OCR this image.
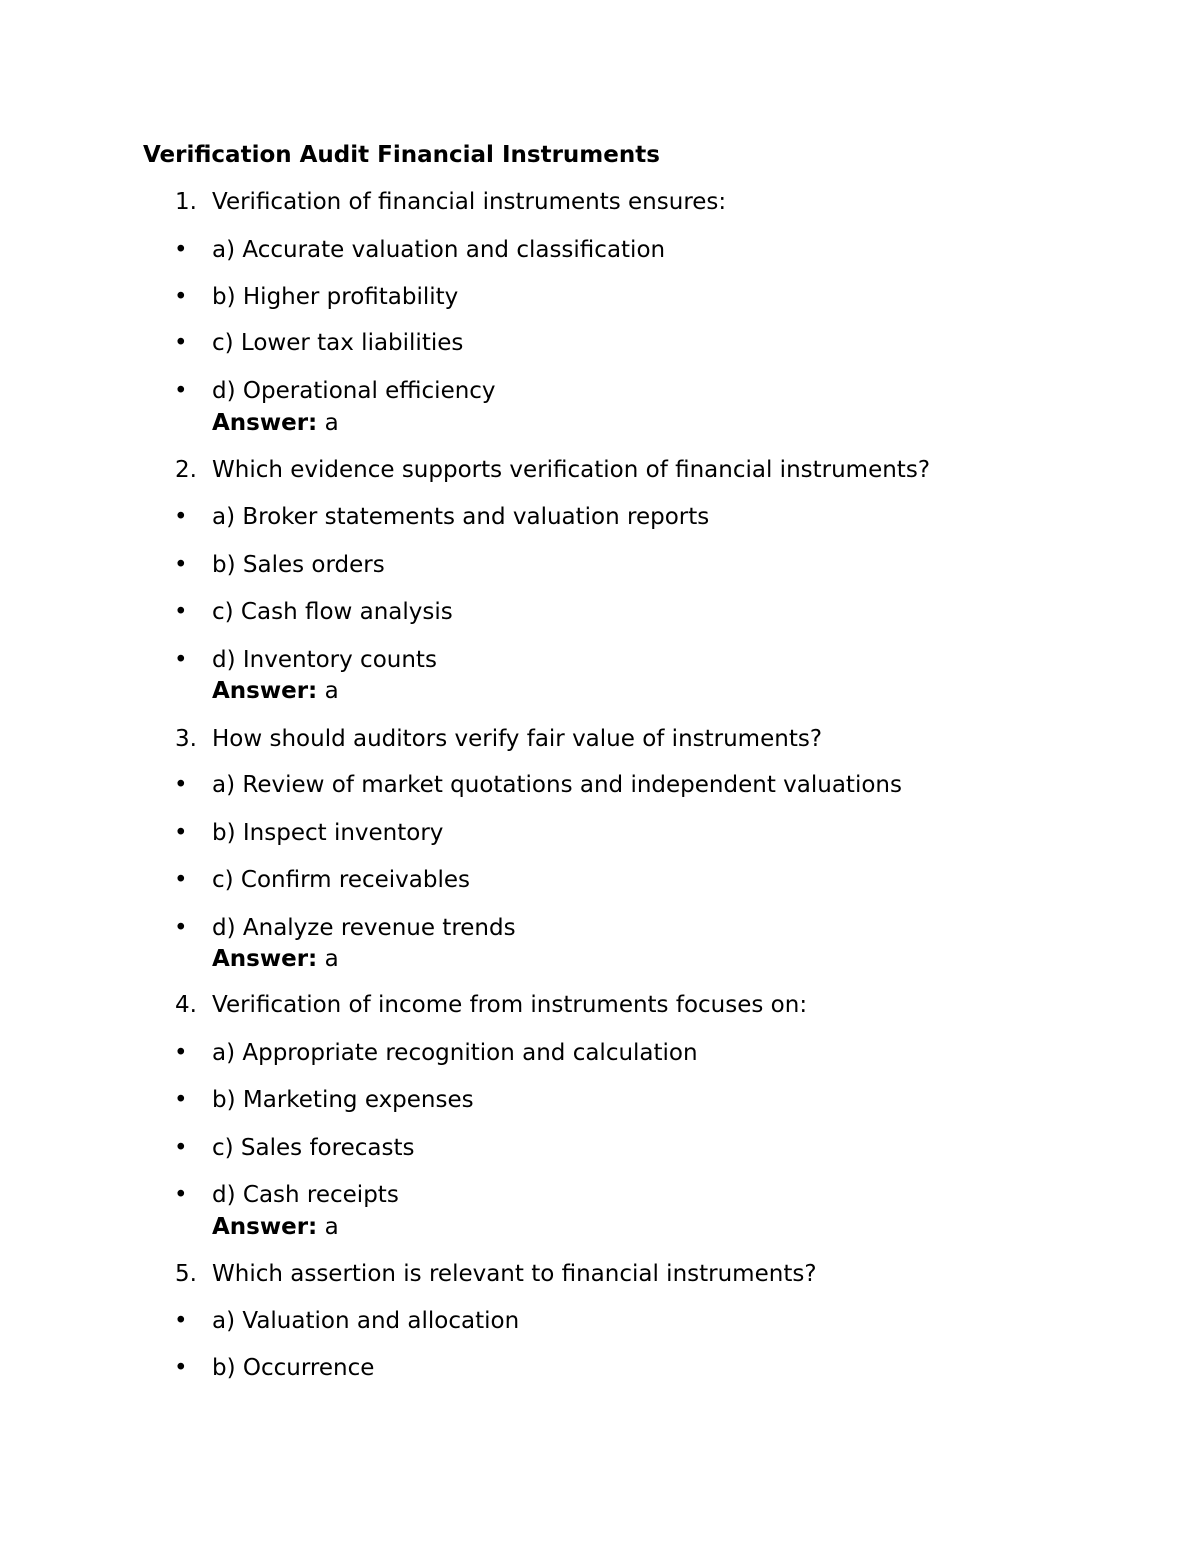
Verification Audit Financial Instruments
1. Verification of financial instruments ensures:
• a) Accurate valuation and classification
• b) Higher profitability
• c) Lower tax liabilities
• d) Operational efficiency
Answer: a
2. Which evidence supports verification of financial instruments?
• a) Broker statements and valuation reports
• b) Sales orders
• c) Cash flow analysis
• d) Inventory counts
Answer: a
3. How should auditors verify fair value of instruments?
• a) Review of market quotations and independent valuations
• b) Inspect inventory
• c) Confirm receivables
• d) Analyze revenue trends
Answer: a
4. Verification of income from instruments focuses on:
• a) Appropriate recognition and calculation
• b) Marketing expenses
• c) Sales forecasts
• d) Cash receipts
Answer: a
5. Which assertion is relevant to financial instruments?
• a) Valuation and allocation
• b) Occurrence
